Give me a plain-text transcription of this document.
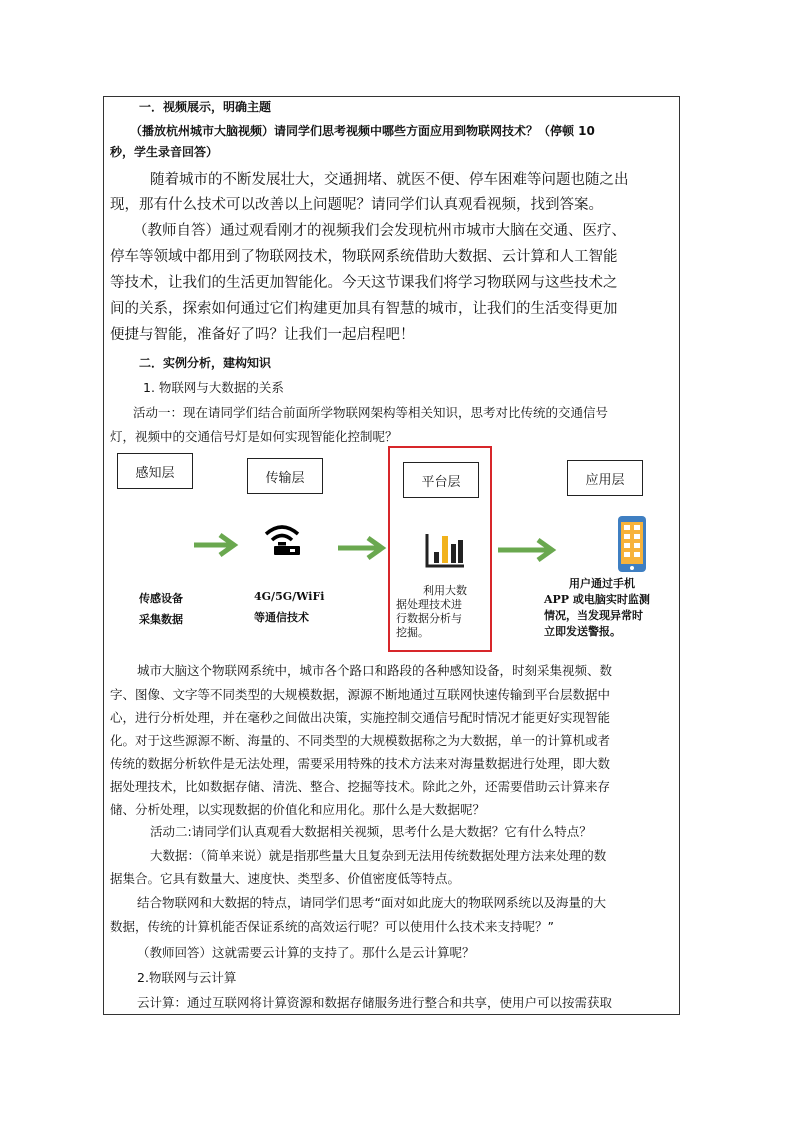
一．视频展示，明确主题
（播放杭州城市大脑视频）请同学们思考视频中哪些方面应用到物联网技术？（停顿 10
秒，学生录音回答）
随着城市的不断发展壮大，交通拥堵、就医不便、停车困难等问题也随之出
现，那有什么技术可以改善以上问题呢？请同学们认真观看视频，找到答案。
（教师自答）通过观看刚才的视频我们会发现杭州市城市大脑在交通、医疗、
停车等领域中都用到了物联网技术，物联网系统借助大数据、云计算和人工智能
等技术，让我们的生活更加智能化。今天这节课我们将学习物联网与这些技术之
间的关系，探索如何通过它们构建更加具有智慧的城市，让我们的生活变得更加
便捷与智能，准备好了吗？让我们一起启程吧！
二．实例分析，建构知识
1. 物联网与大数据的关系
活动一：现在请同学们结合前面所学物联网架构等相关知识，思考对比传统的交通信号
灯，视频中的交通信号灯是如何实现智能化控制呢？
感知层	传输层	平台层	应用层
传感设备
采集数据
4G/5G/WiFi
等通信技术
利用大数
据处理技术进
行数据分析与
挖掘。
用户通过手机
APP 或电脑实时监测
情况，当发现异常时
立即发送警报。
城市大脑这个物联网系统中，城市各个路口和路段的各种感知设备，时刻采集视频、数
字、图像、文字等不同类型的大规模数据，源源不断地通过互联网快速传输到平台层数据中
心，进行分析处理，并在毫秒之间做出决策，实施控制交通信号配时情况才能更好实现智能
化。对于这些源源不断、海量的、不同类型的大规模数据称之为大数据，单一的计算机或者
传统的数据分析软件是无法处理，需要采用特殊的技术方法来对海量数据进行处理，即大数
据处理技术，比如数据存储、清洗、整合、挖掘等技术。除此之外，还需要借助云计算来存
储、分析处理，以实现数据的价值化和应用化。那什么是大数据呢？
活动二:请同学们认真观看大数据相关视频，思考什么是大数据？它有什么特点？
大数据：（简单来说）就是指那些量大且复杂到无法用传统数据处理方法来处理的数
据集合。它具有数量大、速度快、类型多、价值密度低等特点。
结合物联网和大数据的特点，请同学们思考“面对如此庞大的物联网系统以及海量的大
数据，传统的计算机能否保证系统的高效运行呢？可以使用什么技术来支持呢？”
（教师回答）这就需要云计算的支持了。那什么是云计算呢？
2.物联网与云计算
云计算：通过互联网将计算资源和数据存储服务进行整合和共享，使用户可以按需获取
